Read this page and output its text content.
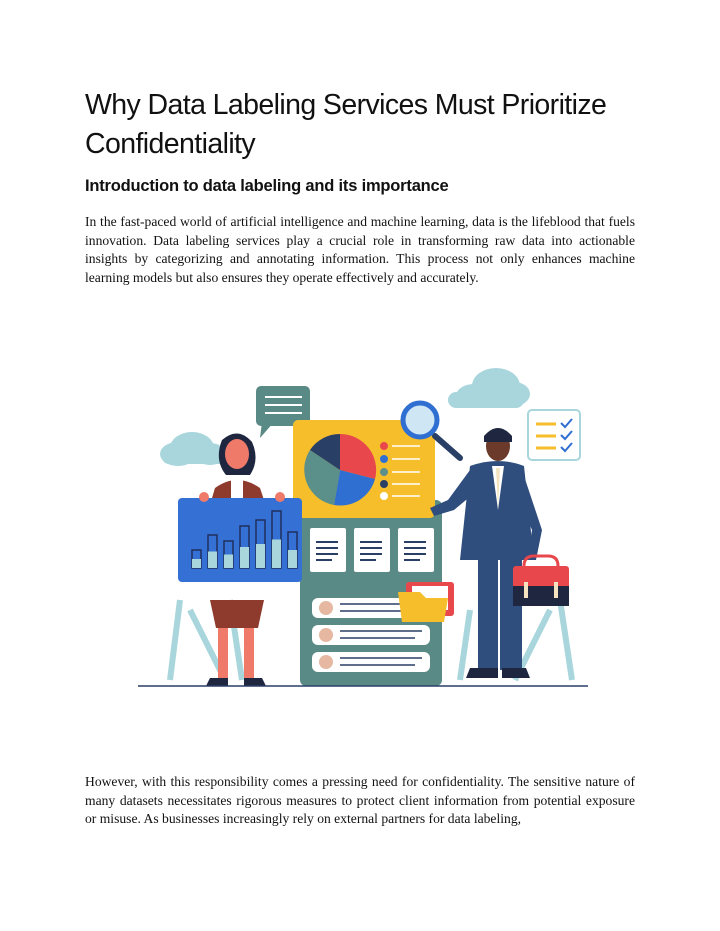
Why Data Labeling Services Must Prioritize Confidentiality
Introduction to data labeling and its importance

In the fast-paced world of artificial intelligence and machine learning, data is the lifeblood that fuels innovation. Data labeling services play a crucial role in transforming raw data into actionable insights by categorizing and annotating information. This process not only enhances machine learning models but also ensures they operate effectively and accurately.

However, with this responsibility comes a pressing need for confidentiality. The sensitive nature of many datasets necessitates rigorous measures to protect client information from potential exposure or misuse. As businesses increasingly rely on external partners for data labeling,
